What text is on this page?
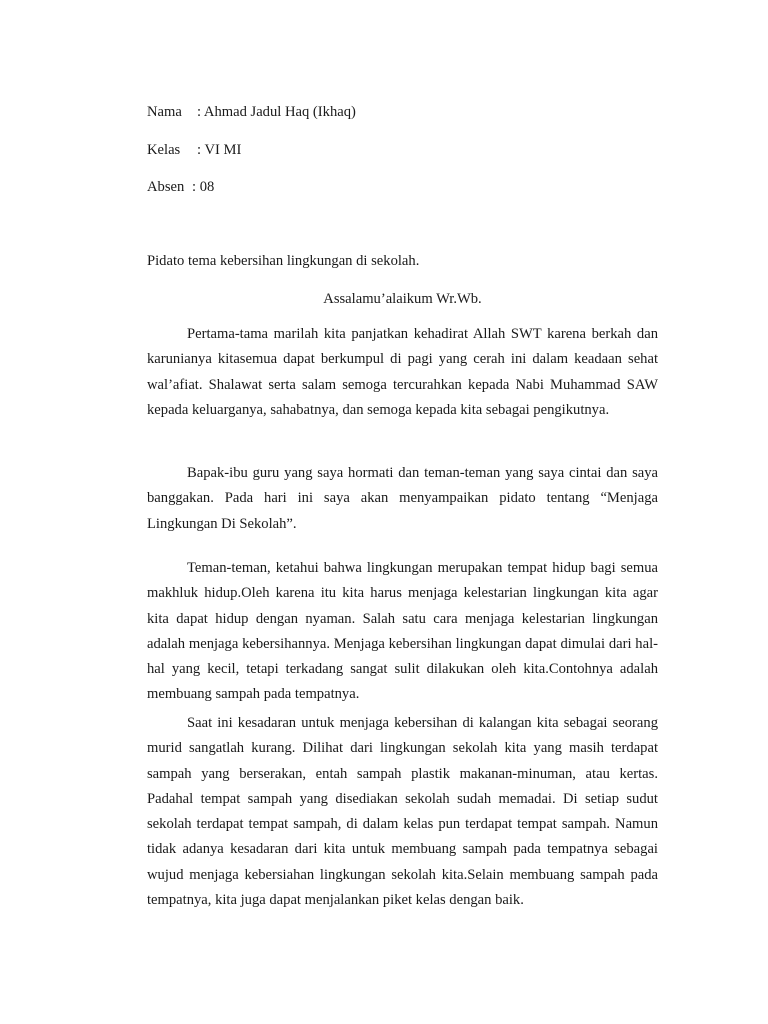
Nama : Ahmad Jadul Haq (Ikhaq)
Kelas : VI MI
Absen : 08
Pidato tema kebersihan lingkungan di sekolah.
Assalamu’alaikum Wr.Wb.

Pertama-tama marilah kita panjatkan kehadirat Allah SWT karena berkah dan karunianya kitasemua dapat berkumpul di pagi yang cerah ini dalam keadaan sehat wal’afiat. Shalawat serta salam semoga tercurahkan kepada Nabi Muhammad SAW kepada keluarganya, sahabatnya, dan semoga kepada kita sebagai pengikutnya.

Bapak-ibu guru yang saya hormati dan teman-teman yang saya cintai dan saya banggakan. Pada hari ini saya akan menyampaikan pidato tentang “Menjaga Lingkungan Di Sekolah”.

Teman-teman, ketahui bahwa lingkungan merupakan tempat hidup bagi semua makhluk hidup.Oleh karena itu kita harus menjaga kelestarian lingkungan kita agar kita dapat hidup dengan nyaman. Salah satu cara menjaga kelestarian lingkungan adalah menjaga kebersihannya. Menjaga kebersihan lingkungan dapat dimulai dari hal-hal yang kecil, tetapi terkadang sangat sulit dilakukan oleh kita.Contohnya adalah membuang sampah pada tempatnya.

Saat ini kesadaran untuk menjaga kebersihan di kalangan kita sebagai seorang murid sangatlah kurang. Dilihat dari lingkungan sekolah kita yang masih terdapat sampah yang berserakan, entah sampah plastik makanan-minuman, atau kertas. Padahal tempat sampah yang disediakan sekolah sudah memadai. Di setiap sudut sekolah terdapat tempat sampah, di dalam kelas pun terdapat tempat sampah. Namun tidak adanya kesadaran dari kita untuk membuang sampah pada tempatnya sebagai wujud menjaga kebersiahan lingkungan sekolah kita.Selain membuang sampah pada tempatnya, kita juga dapat menjalankan piket kelas dengan baik.
